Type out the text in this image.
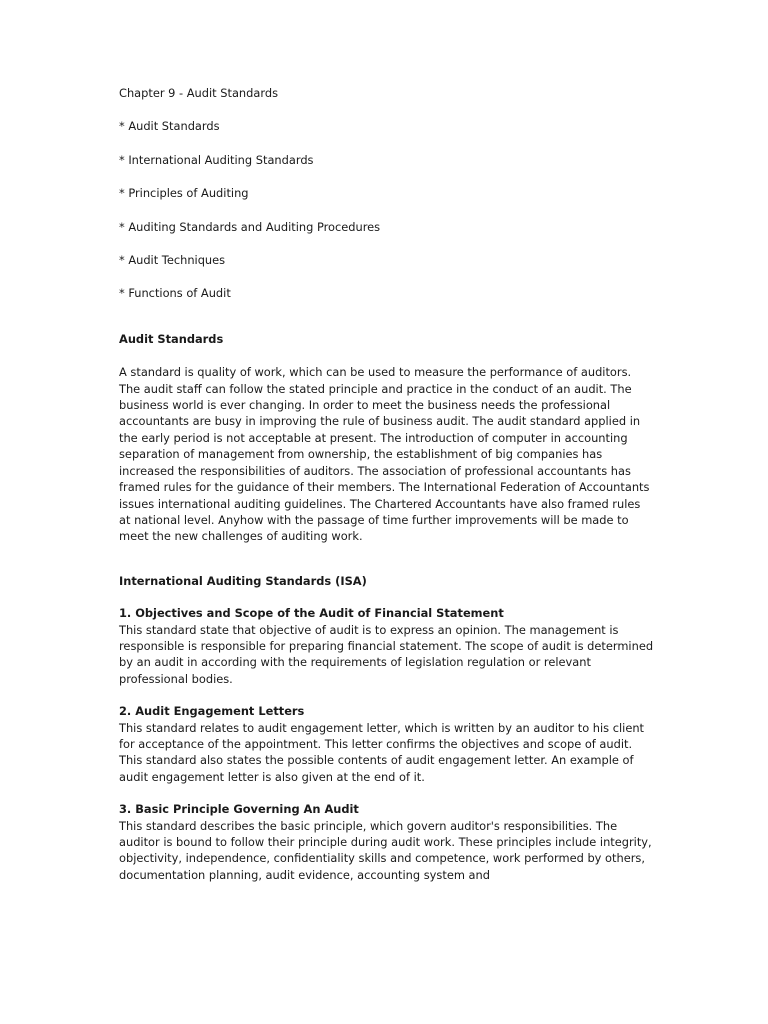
Chapter 9 - Audit Standards

* Audit Standards

* International Auditing Standards

* Principles of Auditing

* Auditing Standards and Auditing Procedures

* Audit Techniques

* Functions of Audit

Audit Standards

A standard is quality of work, which can be used to measure the performance of auditors. The audit staff can follow the stated principle and practice in the conduct of an audit. The business world is ever changing. In order to meet the business needs the professional accountants are busy in improving the rule of business audit. The audit standard applied in the early period is not acceptable at present. The introduction of computer in accounting separation of management from ownership, the establishment of big companies has increased the responsibilities of auditors. The association of professional accountants has framed rules for the guidance of their members. The International Federation of Accountants issues international auditing guidelines. The Chartered Accountants have also framed rules at national level. Anyhow with the passage of time further improvements will be made to meet the new challenges of auditing work.

International Auditing Standards (ISA)

1. Objectives and Scope of the Audit of Financial Statement

This standard state that objective of audit is to express an opinion. The management is responsible is responsible for preparing financial statement. The scope of audit is determined by an audit in according with the requirements of legislation regulation or relevant professional bodies.

2. Audit Engagement Letters

This standard relates to audit engagement letter, which is written by an auditor to his client for acceptance of the appointment. This letter confirms the objectives and scope of audit. This standard also states the possible contents of audit engagement letter. An example of audit engagement letter is also given at the end of it.

3. Basic Principle Governing An Audit

This standard describes the basic principle, which govern auditor's responsibilities. The auditor is bound to follow their principle during audit work. These principles include integrity, objectivity, independence, confidentiality skills and competence, work performed by others, documentation planning, audit evidence, accounting system and
